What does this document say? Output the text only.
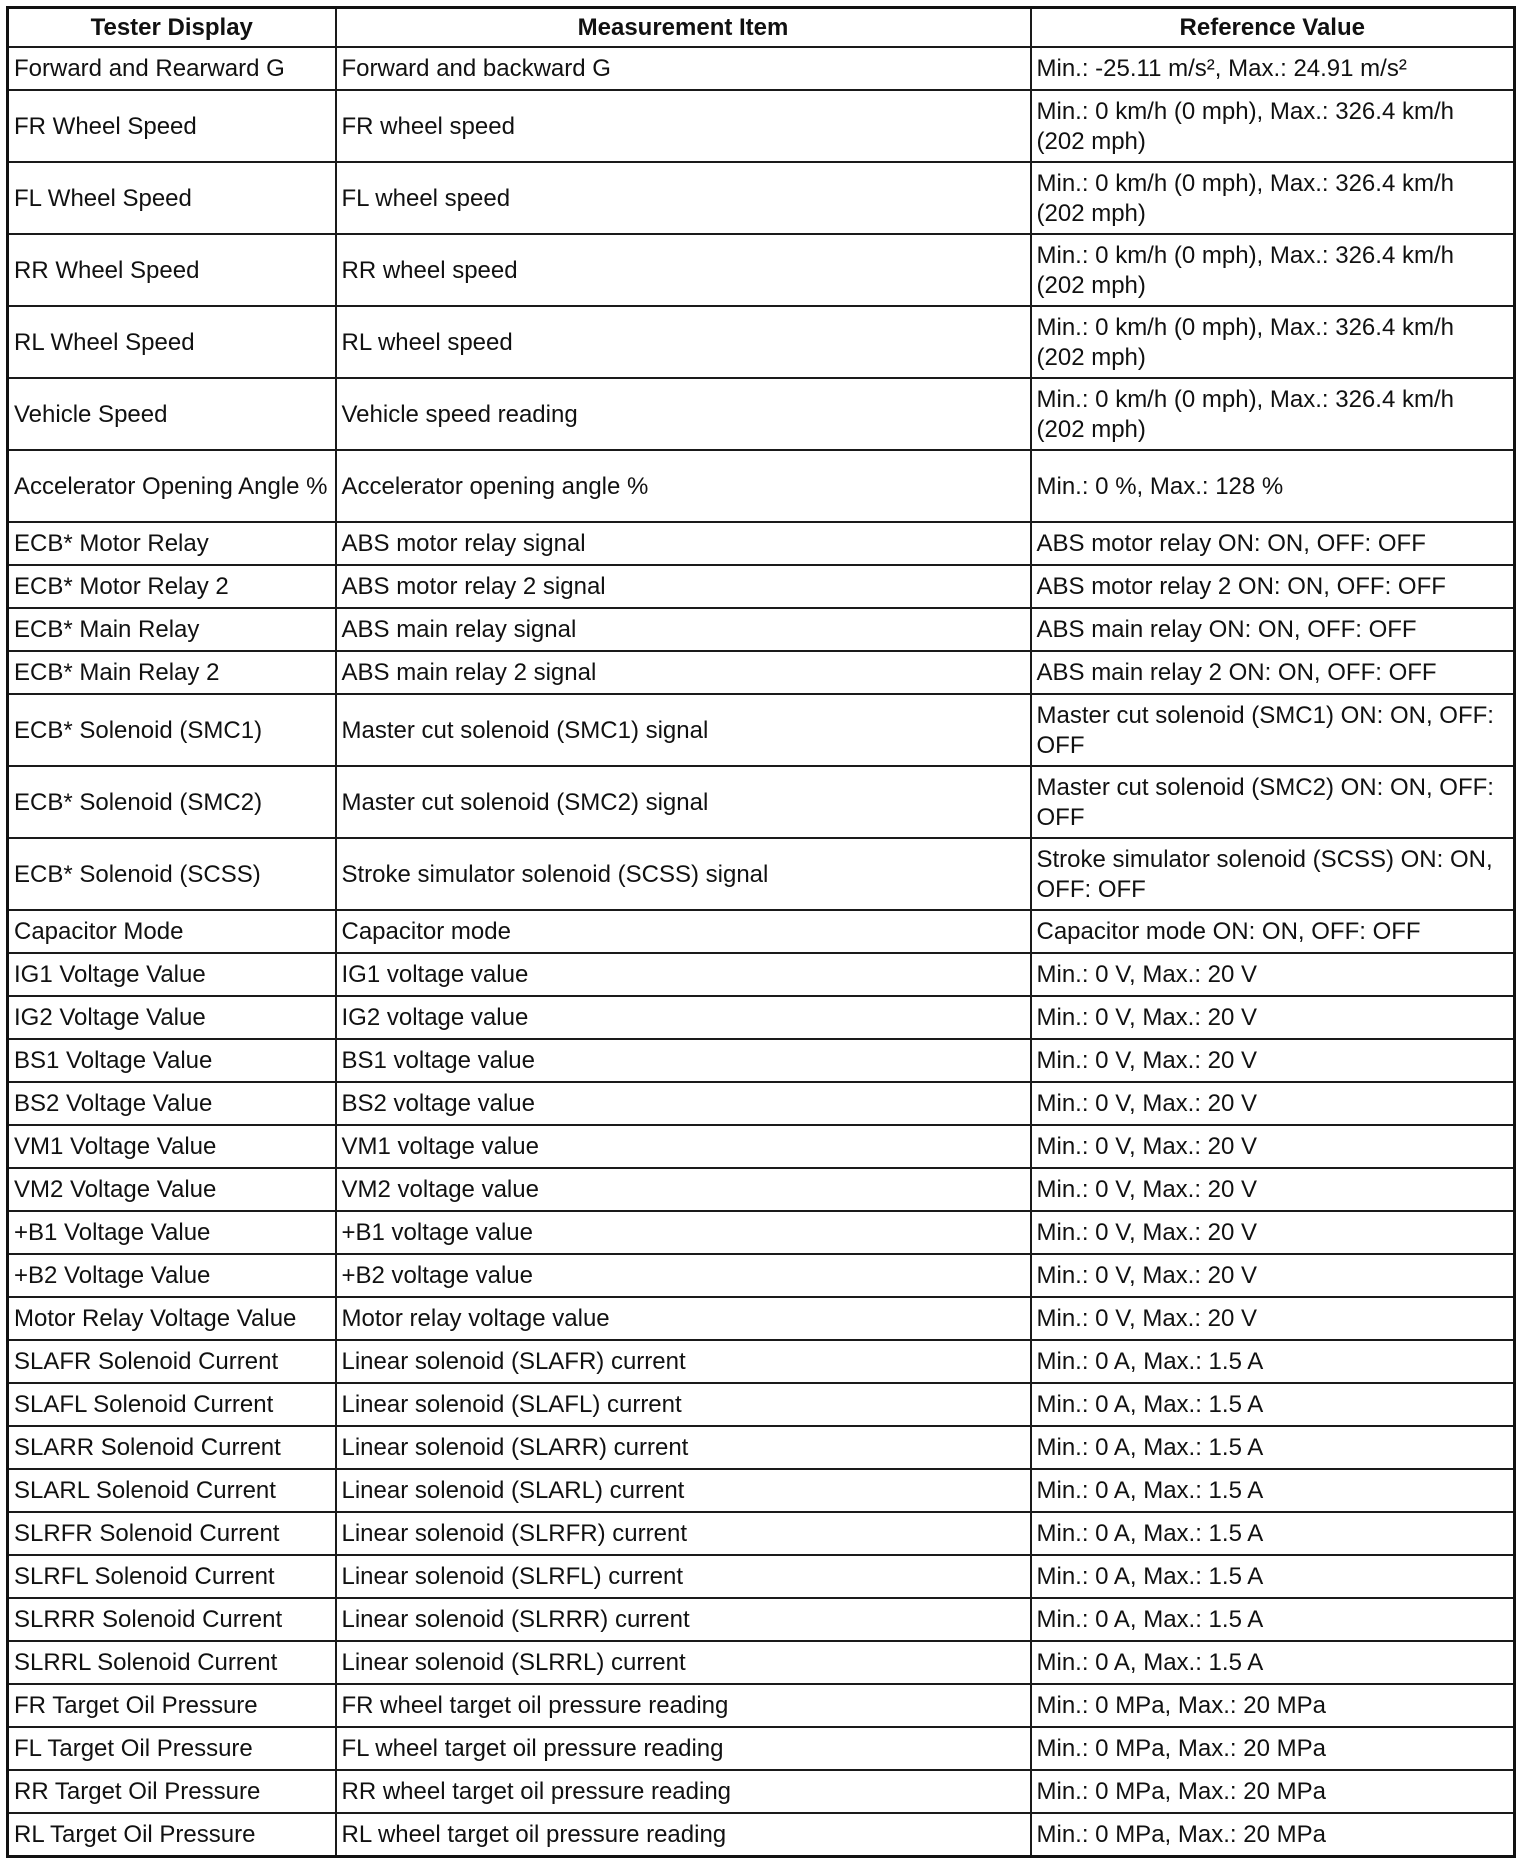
Tester Display	Measurement Item	Reference Value
Forward and Rearward G	Forward and backward G	Min.: -25.11 m/s², Max.: 24.91 m/s²
FR Wheel Speed	FR wheel speed	Min.: 0 km/h (0 mph), Max.: 326.4 km/h (202 mph)
FL Wheel Speed	FL wheel speed	Min.: 0 km/h (0 mph), Max.: 326.4 km/h (202 mph)
RR Wheel Speed	RR wheel speed	Min.: 0 km/h (0 mph), Max.: 326.4 km/h (202 mph)
RL Wheel Speed	RL wheel speed	Min.: 0 km/h (0 mph), Max.: 326.4 km/h (202 mph)
Vehicle Speed	Vehicle speed reading	Min.: 0 km/h (0 mph), Max.: 326.4 km/h (202 mph)
Accelerator Opening Angle %	Accelerator opening angle %	Min.: 0 %, Max.: 128 %
ECB* Motor Relay	ABS motor relay signal	ABS motor relay ON: ON, OFF: OFF
ECB* Motor Relay 2	ABS motor relay 2 signal	ABS motor relay 2 ON: ON, OFF: OFF
ECB* Main Relay	ABS main relay signal	ABS main relay ON: ON, OFF: OFF
ECB* Main Relay 2	ABS main relay 2 signal	ABS main relay 2 ON: ON, OFF: OFF
ECB* Solenoid (SMC1)	Master cut solenoid (SMC1) signal	Master cut solenoid (SMC1) ON: ON, OFF: OFF
ECB* Solenoid (SMC2)	Master cut solenoid (SMC2) signal	Master cut solenoid (SMC2) ON: ON, OFF: OFF
ECB* Solenoid (SCSS)	Stroke simulator solenoid (SCSS) signal	Stroke simulator solenoid (SCSS) ON: ON, OFF: OFF
Capacitor Mode	Capacitor mode	Capacitor mode ON: ON, OFF: OFF
IG1 Voltage Value	IG1 voltage value	Min.: 0 V, Max.: 20 V
IG2 Voltage Value	IG2 voltage value	Min.: 0 V, Max.: 20 V
BS1 Voltage Value	BS1 voltage value	Min.: 0 V, Max.: 20 V
BS2 Voltage Value	BS2 voltage value	Min.: 0 V, Max.: 20 V
VM1 Voltage Value	VM1 voltage value	Min.: 0 V, Max.: 20 V
VM2 Voltage Value	VM2 voltage value	Min.: 0 V, Max.: 20 V
+B1 Voltage Value	+B1 voltage value	Min.: 0 V, Max.: 20 V
+B2 Voltage Value	+B2 voltage value	Min.: 0 V, Max.: 20 V
Motor Relay Voltage Value	Motor relay voltage value	Min.: 0 V, Max.: 20 V
SLAFR Solenoid Current	Linear solenoid (SLAFR) current	Min.: 0 A, Max.: 1.5 A
SLAFL Solenoid Current	Linear solenoid (SLAFL) current	Min.: 0 A, Max.: 1.5 A
SLARR Solenoid Current	Linear solenoid (SLARR) current	Min.: 0 A, Max.: 1.5 A
SLARL Solenoid Current	Linear solenoid (SLARL) current	Min.: 0 A, Max.: 1.5 A
SLRFR Solenoid Current	Linear solenoid (SLRFR) current	Min.: 0 A, Max.: 1.5 A
SLRFL Solenoid Current	Linear solenoid (SLRFL) current	Min.: 0 A, Max.: 1.5 A
SLRRR Solenoid Current	Linear solenoid (SLRRR) current	Min.: 0 A, Max.: 1.5 A
SLRRL Solenoid Current	Linear solenoid (SLRRL) current	Min.: 0 A, Max.: 1.5 A
FR Target Oil Pressure	FR wheel target oil pressure reading	Min.: 0 MPa, Max.: 20 MPa
FL Target Oil Pressure	FL wheel target oil pressure reading	Min.: 0 MPa, Max.: 20 MPa
RR Target Oil Pressure	RR wheel target oil pressure reading	Min.: 0 MPa, Max.: 20 MPa
RL Target Oil Pressure	RL wheel target oil pressure reading	Min.: 0 MPa, Max.: 20 MPa
